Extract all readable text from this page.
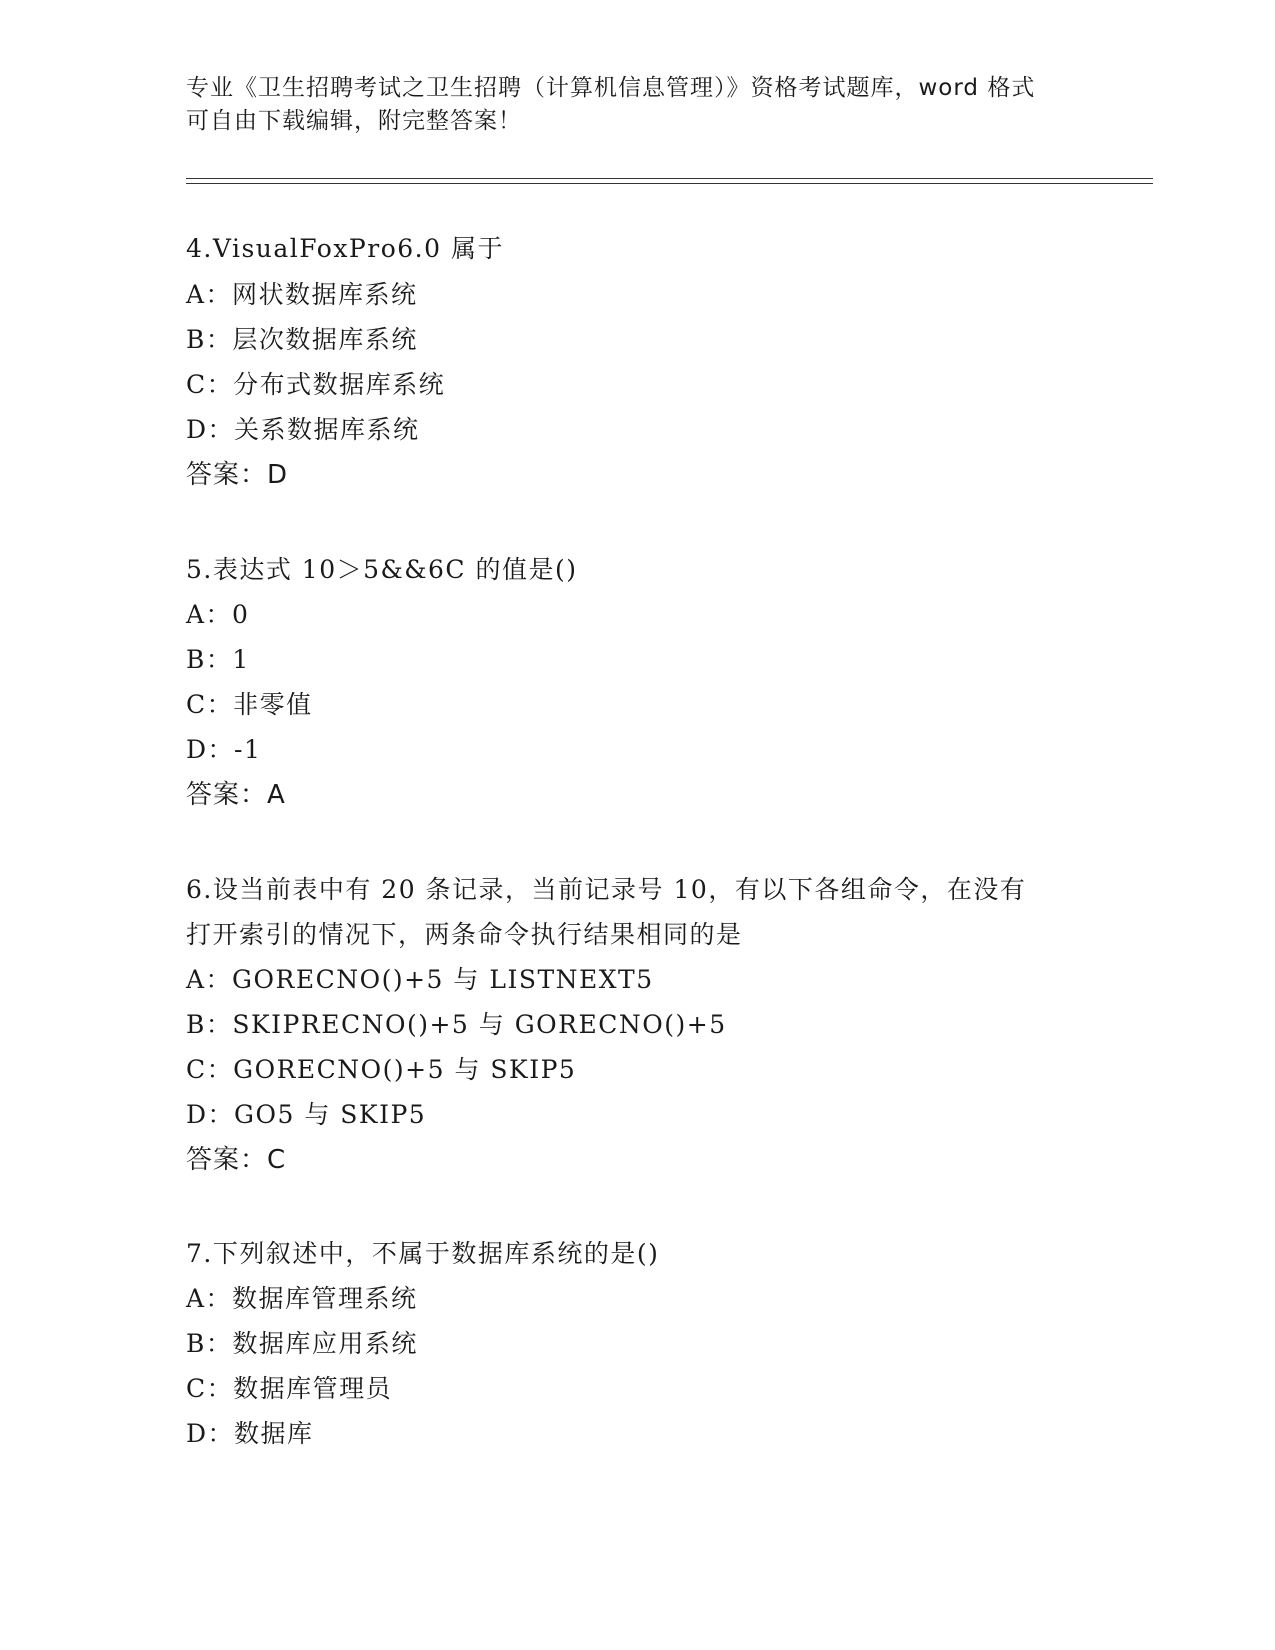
专业《卫生招聘考试之卫生招聘（计算机信息管理）》资格考试题库，word 格式
可自由下载编辑，附完整答案！
4.VisualFoxPro6.0 属于
A：网状数据库系统
B：层次数据库系统
C：分布式数据库系统
D：关系数据库系统
答案：D
5.表达式 10＞5&&6C 的值是()
A：0
B：1
C：非零值
D：-1
答案：A
6.设当前表中有 20 条记录，当前记录号 10，有以下各组命令，在没有
打开索引的情况下，两条命令执行结果相同的是
A：GORECNO()+5 与 LISTNEXT5
B：SKIPRECNO()+5 与 GORECNO()+5
C：GORECNO()+5 与 SKIP5
D：GO5 与 SKIP5
答案：C
7.下列叙述中，不属于数据库系统的是()
A：数据库管理系统
B：数据库应用系统
C：数据库管理员
D：数据库
